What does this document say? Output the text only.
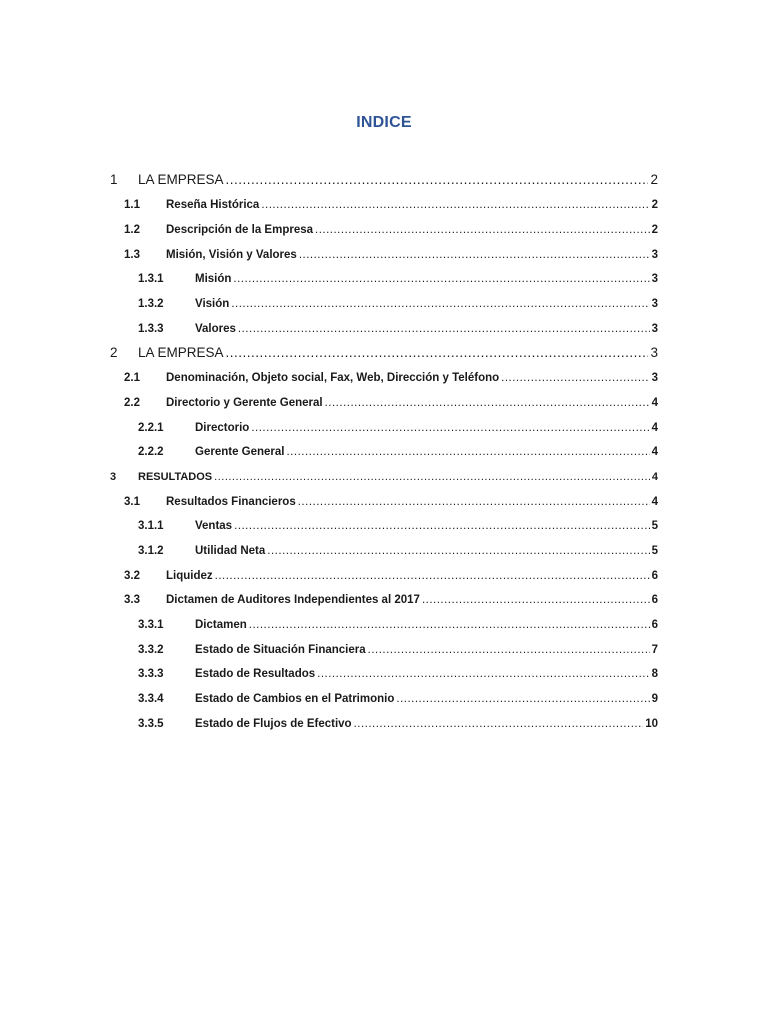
INDICE
1 LA EMPRESA .....	2
1.1 Reseña Histórica .....	2
1.2 Descripción de la Empresa .....	2
1.3 Misión, Visión y Valores .....	3
1.3.1	Misión .....	3
1.3.2	Visión .....	3
1.3.3	Valores .....	3
2 LA EMPRESA .....	3
2.1 Denominación, Objeto social, Fax, Web, Dirección y Teléfono .....	3
2.2 Directorio y Gerente General .....	4
2.2.1	Directorio .....	4
2.2.2	Gerente General .....	4
3 RESULTADOS .....	4
3.1 Resultados Financieros .....	4
3.1.1	Ventas .....	5
3.1.2	Utilidad Neta .....	5
3.2 Liquidez .....	6
3.3 Dictamen de Auditores Independientes al 2017 .....	6
3.3.1	Dictamen .....	6
3.3.2	Estado de Situación Financiera .....	7
3.3.3	Estado de Resultados .....	8
3.3.4	Estado de Cambios en el Patrimonio .....	9
3.3.5	Estado de Flujos de Efectivo .....	10
